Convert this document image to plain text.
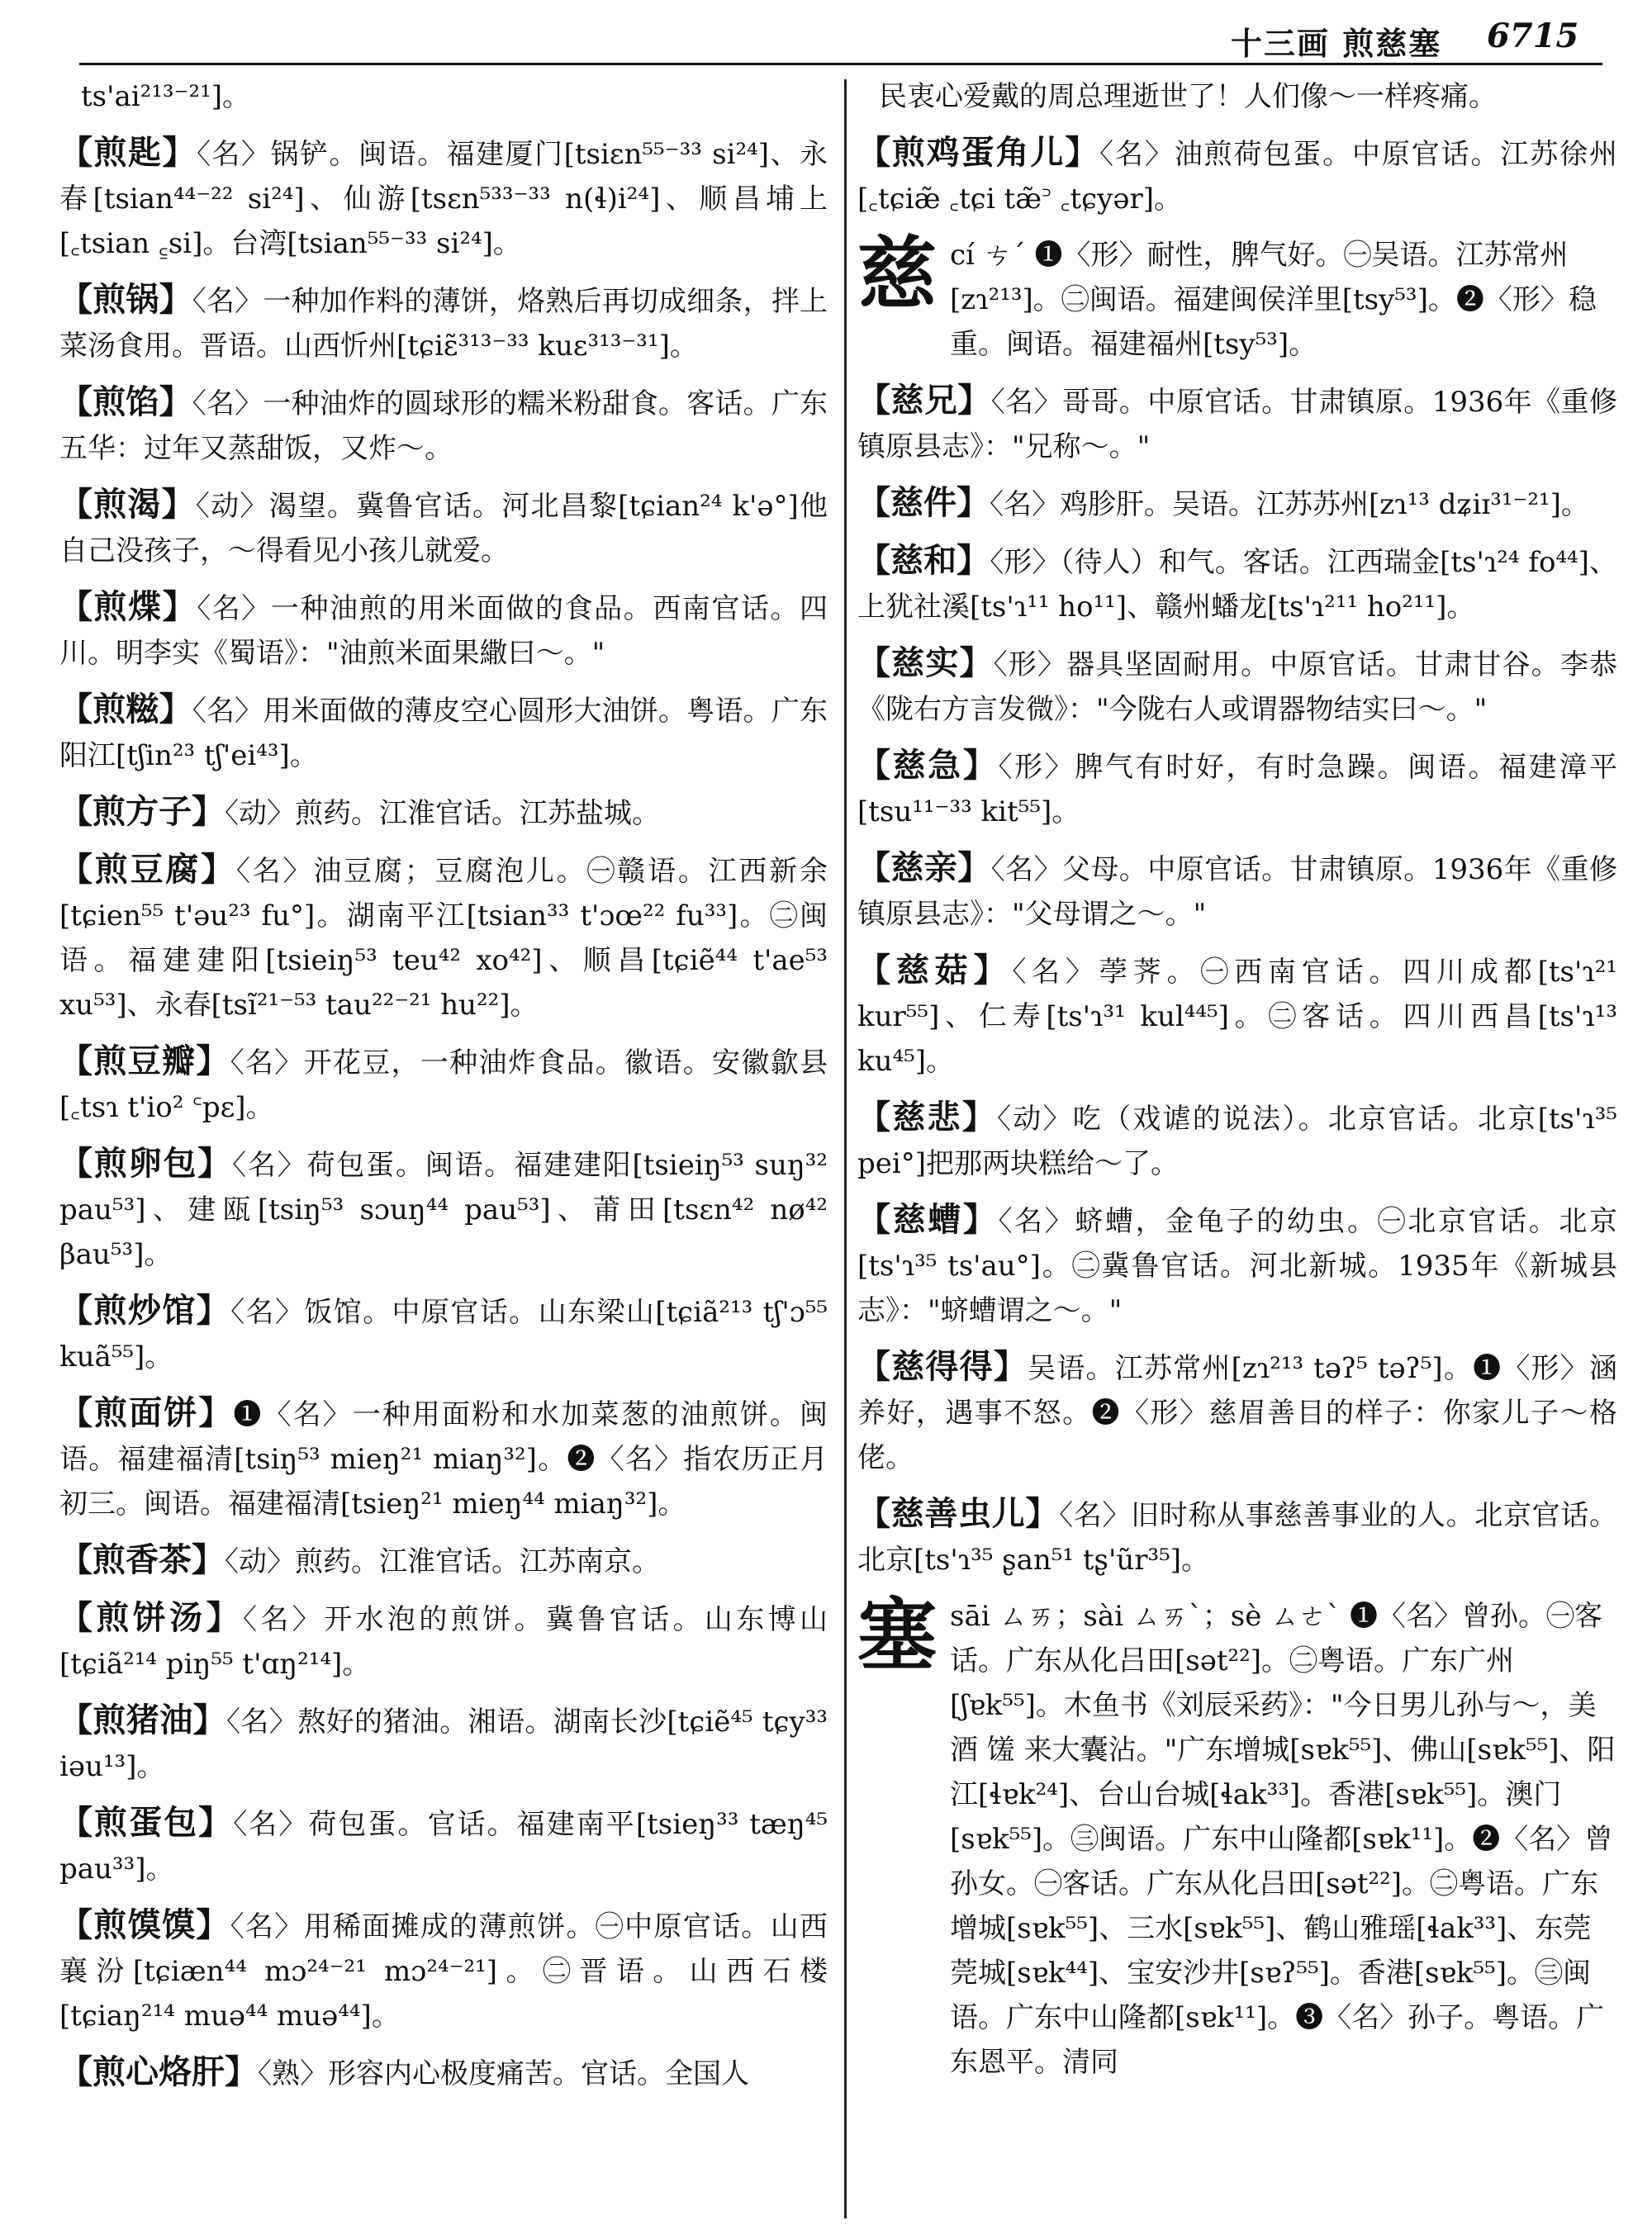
十三画 煎慈塞 6715
ts'ai²¹³⁻²¹]。
【煎匙】〈名〉锅铲。闽语。福建厦门[tsiɛn⁵⁵⁻³³ si²⁴]、永春[tsian⁴⁴⁻²² si²⁴]、仙游[tsɛn⁵³³⁻³³ n(ɬ)i²⁴]、顺昌埔上[꜀tsian ꜁si]。台湾[tsian⁵⁵⁻³³ si²⁴]。
【煎锅】〈名〉一种加作料的薄饼，烙熟后再切成细条，拌上菜汤食用。晋语。山西忻州[tɕiɛ̃³¹³⁻³³ kuɛ³¹³⁻³¹]。
【煎馅】〈名〉一种油炸的圆球形的糯米粉甜食。客话。广东五华：过年又蒸甜饭，又炸～。
【煎渴】〈动〉渴望。冀鲁官话。河北昌黎[tɕian²⁴ k'ə°]他自己没孩子，～得看见小孩儿就爱。
【煎煠】〈名〉一种油煎的用米面做的食品。西南官话。四川。明李实《蜀语》："油煎米面果繖曰～。"
【煎糍】〈名〉用米面做的薄皮空心圆形大油饼。粤语。广东阳江[tʃin²³ tʃ'ei⁴³]。
【煎方子】〈动〉煎药。江淮官话。江苏盐城。
【煎豆腐】〈名〉油豆腐；豆腐泡儿。㊀赣语。江西新余[tɕien⁵⁵ t'əu²³ fu°]。湖南平江[tsian³³ t'ɔœ²² fu³³]。㊁闽语。福建建阳[tsieiŋ⁵³ teu⁴² xo⁴²]、顺昌[tɕiẽ⁴⁴ t'ae⁵³ xu⁵³]、永春[tsĩ²¹⁻⁵³ tau²²⁻²¹ hu²²]。
【煎豆瓣】〈名〉开花豆，一种油炸食品。徽语。安徽歙县[꜀tsɿ t'io² ꜂pɛ]。
【煎卵包】〈名〉荷包蛋。闽语。福建建阳[tsieiŋ⁵³ suŋ³² pau⁵³]、建瓯[tsiŋ⁵³ sɔuŋ⁴⁴ pau⁵³]、莆田[tsɛn⁴² nø⁴² βau⁵³]。
【煎炒馆】〈名〉饭馆。中原官话。山东梁山[tɕiã²¹³ tʃ'ɔ⁵⁵ kuã⁵⁵]。
【煎面饼】❶〈名〉一种用面粉和水加菜葱的油煎饼。闽语。福建福清[tsiŋ⁵³ mieŋ²¹ miaŋ³²]。❷〈名〉指农历正月初三。闽语。福建福清[tsieŋ²¹ mieŋ⁴⁴ miaŋ³²]。
【煎香茶】〈动〉煎药。江淮官话。江苏南京。
【煎饼汤】〈名〉开水泡的煎饼。冀鲁官话。山东博山[tɕiã²¹⁴ piŋ⁵⁵ t'ɑŋ²¹⁴]。
【煎猪油】〈名〉熬好的猪油。湘语。湖南长沙[tɕiẽ⁴⁵ tɕy³³ iəu¹³]。
【煎蛋包】〈名〉荷包蛋。官话。福建南平[tsieŋ³³ tæŋ⁴⁵ pau³³]。
【煎馍馍】〈名〉用稀面摊成的薄煎饼。㊀中原官话。山西襄汾[tɕiæn⁴⁴ mɔ²⁴⁻²¹ mɔ²⁴⁻²¹]。㊁晋语。山西石楼[tɕiaŋ²¹⁴ muə⁴⁴ muə⁴⁴]。
【煎心烙肝】〈熟〉形容内心极度痛苦。官话。全国人
民衷心爱戴的周总理逝世了！人们像～一样疼痛。
【煎鸡蛋角儿】〈名〉油煎荷包蛋。中原官话。江苏徐州[꜀tɕiæ̃ ꜀tɕi tæ̃꜄ ꜀tɕyər]。
慈 cí ㄘˊ ❶〈形〉耐性，脾气好。㊀吴语。江苏常州[zɿ²¹³]。㊁闽语。福建闽侯洋里[tsy⁵³]。❷〈形〉稳重。闽语。福建福州[tsy⁵³]。
【慈兄】〈名〉哥哥。中原官话。甘肃镇原。1936年《重修镇原县志》："兄称～。"
【慈件】〈名〉鸡胗肝。吴语。江苏苏州[zɿ¹³ dʑiɪ³¹⁻²¹]。
【慈和】〈形〉（待人）和气。客话。江西瑞金[ts'ɿ²⁴ fo⁴⁴]、上犹社溪[ts'ɿ¹¹ ho¹¹]、赣州蟠龙[ts'ɿ²¹¹ ho²¹¹]。
【慈实】〈形〉器具坚固耐用。中原官话。甘肃甘谷。李恭《陇右方言发微》："今陇右人或谓器物结实曰～。"
【慈急】〈形〉脾气有时好，有时急躁。闽语。福建漳平[tsu¹¹⁻³³ kit⁵⁵]。
【慈亲】〈名〉父母。中原官话。甘肃镇原。1936年《重修镇原县志》："父母谓之～。"
【慈菇】〈名〉荸荠。㊀西南官话。四川成都[ts'ɿ²¹ kur⁵⁵]、仁寿[ts'ɿ³¹ kul⁴⁴⁵]。㊁客话。四川西昌[ts'ɿ¹³ ku⁴⁵]。
【慈悲】〈动〉吃（戏谑的说法）。北京官话。北京[ts'ɿ³⁵ pei°]把那两块糕给～了。
【慈螬】〈名〉蛴螬，金龟子的幼虫。㊀北京官话。北京[ts'ɿ³⁵ ts'au°]。㊁冀鲁官话。河北新城。1935年《新城县志》："蛴螬谓之～。"
【慈得得】吴语。江苏常州[zɿ²¹³ təʔ⁵ təʔ⁵]。❶〈形〉涵养好，遇事不怒。❷〈形〉慈眉善目的样子：你家儿子～格佬。
【慈善虫儿】〈名〉旧时称从事慈善事业的人。北京官话。北京[ts'ɿ³⁵ ʂan⁵¹ tʂ'ũr³⁵]。
塞 sāi ㄙㄞ；sài ㄙㄞˋ；sè ㄙㄜˋ ❶〈名〉曾孙。㊀客话。广东从化吕田[sət²²]。㊁粤语。广东广州[ʃɐk⁵⁵]。木鱼书《刘辰采药》："今日男儿孙与～，美酒 馐 来大囊沾。"广东增城[sɐk⁵⁵]、佛山[sɐk⁵⁵]、阳江[ɬɐk²⁴]、台山台城[ɬak³³]。香港[sɐk⁵⁵]。澳门[sɐk⁵⁵]。㊂闽语。广东中山隆都[sɐk¹¹]。❷〈名〉曾孙女。㊀客话。广东从化吕田[sət²²]。㊁粤语。广东增城[sɐk⁵⁵]、三水[sɐk⁵⁵]、鹤山雅瑶[ɬak³³]、东莞莞城[sɐk⁴⁴]、宝安沙井[sɐʔ⁵⁵]。香港[sɐk⁵⁵]。㊂闽语。广东中山隆都[sɐk¹¹]。❸〈名〉孙子。粤语。广东恩平。清同
